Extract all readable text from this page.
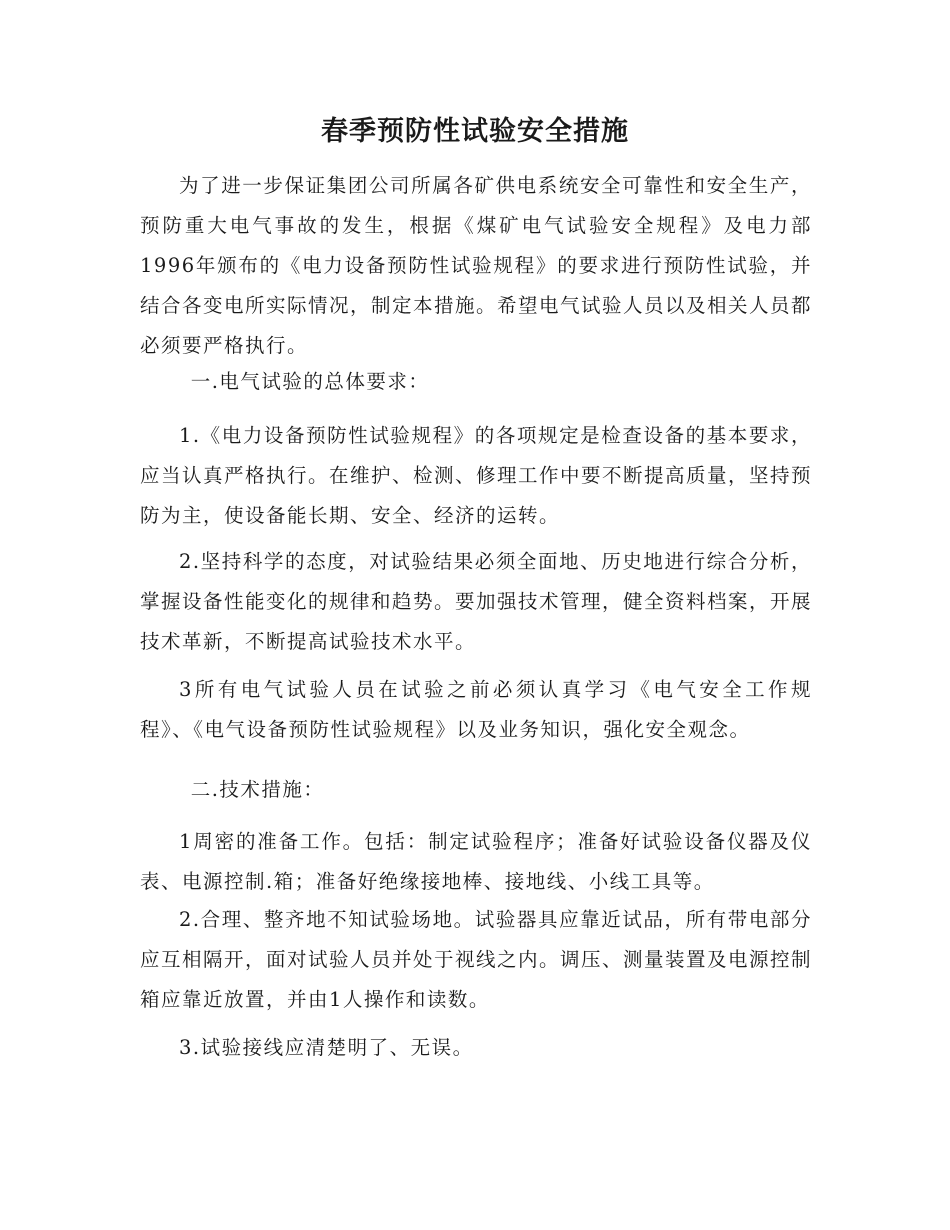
春季预防性试验安全措施

为了进一步保证集团公司所属各矿供电系统安全可靠性和安全生产，预防重大电气事故的发生，根据《煤矿电气试验安全规程》及电力部1996年颁布的《电力设备预防性试验规程》的要求进行预防性试验，并结合各变电所实际情况，制定本措施。希望电气试验人员以及相关人员都必须要严格执行。

一.电气试验的总体要求：

1.《电力设备预防性试验规程》的各项规定是检查设备的基本要求，应当认真严格执行。在维护、检测、修理工作中要不断提高质量，坚持预防为主，使设备能长期、安全、经济的运转。

2.坚持科学的态度，对试验结果必须全面地、历史地进行综合分析，掌握设备性能变化的规律和趋势。要加强技术管理，健全资料档案，开展技术革新，不断提高试验技术水平。

3所有电气试验人员在试验之前必须认真学习《电气安全工作规程》、《电气设备预防性试验规程》以及业务知识，强化安全观念。

二.技术措施：

1周密的准备工作。包括：制定试验程序；准备好试验设备仪器及仪表、电源控制.箱；准备好绝缘接地棒、接地线、小线工具等。

2.合理、整齐地不知试验场地。试验器具应靠近试品，所有带电部分应互相隔开，面对试验人员并处于视线之内。调压、测量装置及电源控制箱应靠近放置，并由1人操作和读数。

3.试验接线应清楚明了、无误。
